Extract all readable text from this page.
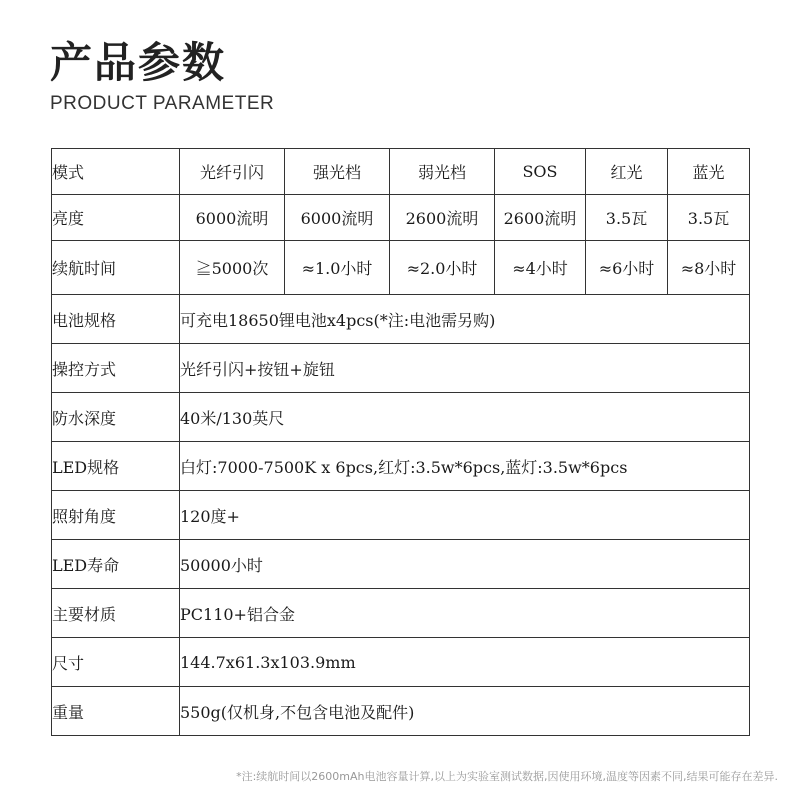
产品参数
PRODUCT PARAMETER
模式	光纤引闪	强光档	弱光档	SOS	红光	蓝光
亮度	6000流明	6000流明	2600流明	2600流明	3.5瓦	3.5瓦
续航时间	≧5000次	≈1.0小时	≈2.0小时	≈4小时	≈6小时	≈8小时
电池规格	可充电18650锂电池x4pcs(*注:电池需另购)					
操控方式	光纤引闪+按钮+旋钮					
防水深度	40米/130英尺					
LED规格	白灯:7000-7500K x 6pcs,红灯:3.5w*6pcs,蓝灯:3.5w*6pcs					
照射角度	120度+					
LED寿命	50000小时					
主要材质	PC110+铝合金					
尺寸	144.7x61.3x103.9mm					
重量	550g(仅机身,不包含电池及配件)					
*注:续航时间以2600mAh电池容量计算,以上为实验室测试数据,因使用环境,温度等因素不同,结果可能存在差异.
